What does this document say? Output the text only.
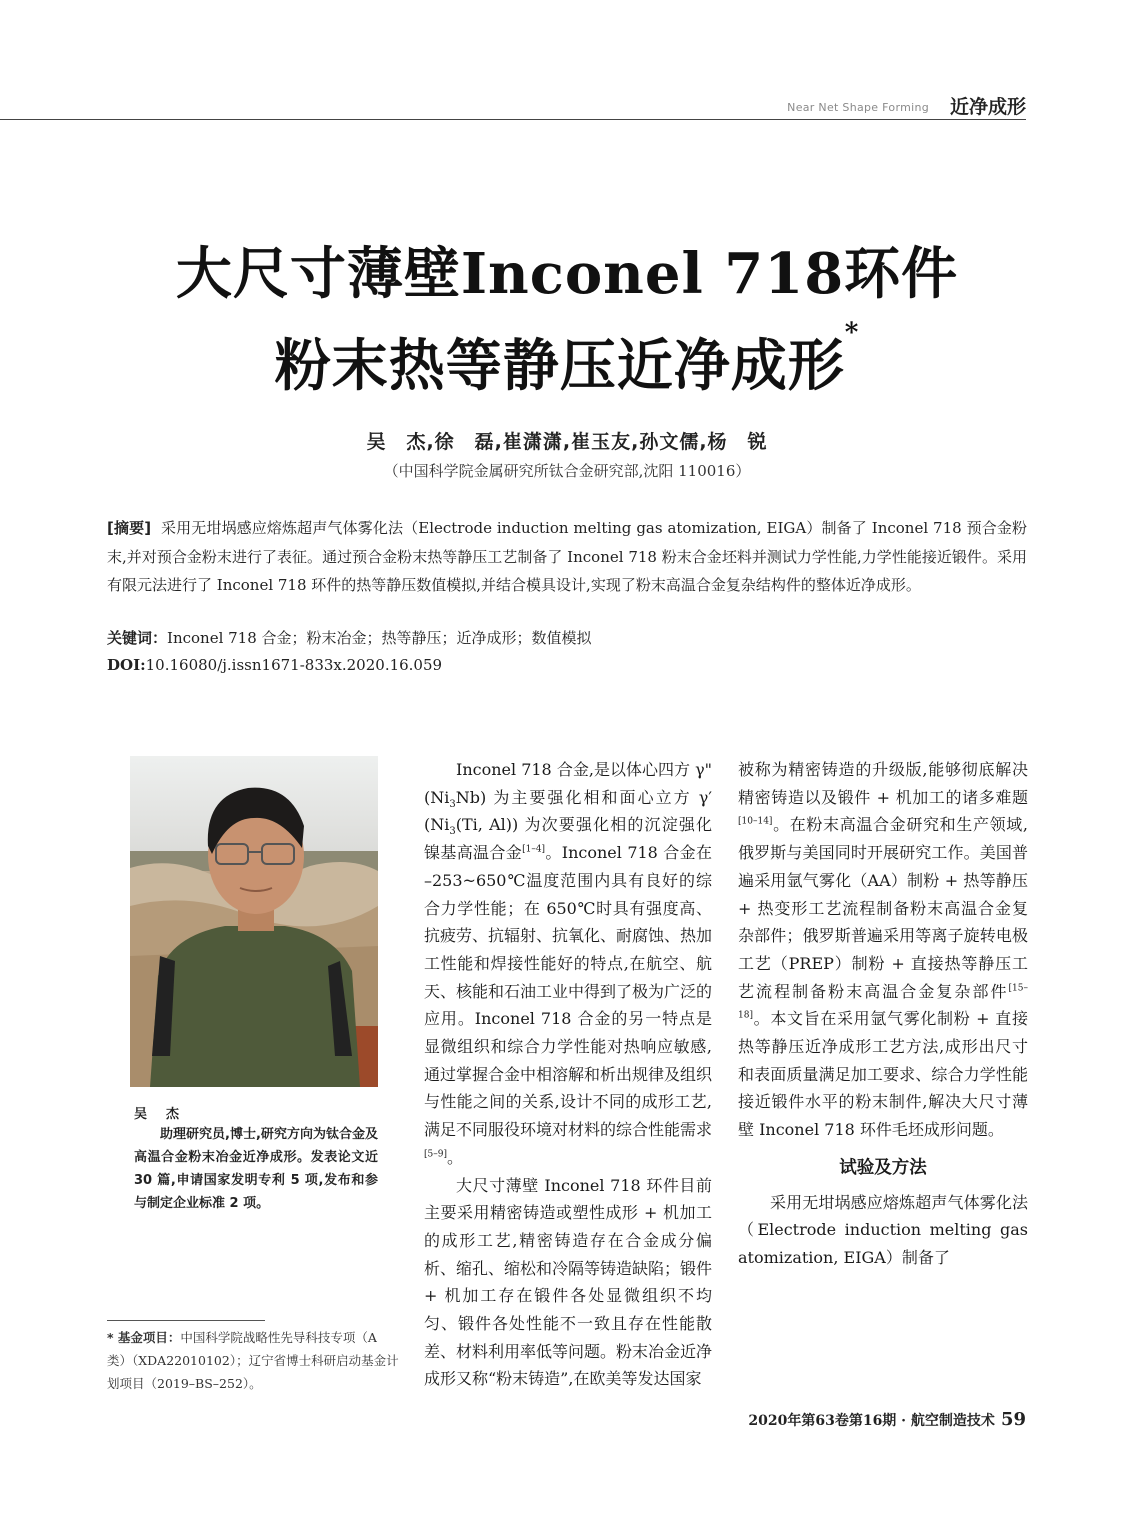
Near Net Shape Forming 近净成形
大尺寸薄壁Inconel 718环件
粉末热等静压近净成形*
吴　杰,徐　磊,崔潇潇,崔玉友,孙文儒,杨　锐
（中国科学院金属研究所钛合金研究部,沈阳 110016）
[摘要] 采用无坩埚感应熔炼超声气体雾化法（Electrode induction melting gas atomization, EIGA）制备了 Inconel 718 预合金粉末,并对预合金粉末进行了表征。通过预合金粉末热等静压工艺制备了 Inconel 718 粉末合金坯料并测试力学性能,力学性能接近锻件。采用有限元法进行了 Inconel 718 环件的热等静压数值模拟,并结合模具设计,实现了粉末高温合金复杂结构件的整体近净成形。
关键词：Inconel 718 合金；粉末冶金；热等静压；近净成形；数值模拟
DOI:10.16080/j.issn1671-833x.2020.16.059
吴　杰
助理研究员,博士,研究方向为钛合金及高温合金粉末冶金近净成形。发表论文近 30 篇,申请国家发明专利 5 项,发布和参与制定企业标准 2 项。
* 基金项目：中国科学院战略性先导科技专项（A 类）（XDA22010102）；辽宁省博士科研启动基金计划项目（2019–BS–252）。

Inconel 718 合金,是以体心四方 $\gamma"(Ni_3Nb)$ 为主要强化相和面心立方 $\gamma'(Ni_3(Ti$, Al)) 为次要强化相的沉淀强化镍基高温合金[1–4]。Inconel 718 合金在 –253~650℃温度范围内具有良好的综合力学性能；在 650℃时具有强度高、抗疲劳、抗辐射、抗氧化、耐腐蚀、热加工性能和焊接性能好的特点,在航空、航天、核能和石油工业中得到了极为广泛的应用。Inconel 718 合金的另一特点是显微组织和综合力学性能对热响应敏感,通过掌握合金中相溶解和析出规律及组织与性能之间的关系,设计不同的成形工艺,满足不同服役环境对材料的综合性能需求[5–9]。

大尺寸薄壁 Inconel 718 环件目前主要采用精密铸造或塑性成形 + 机加工的成形工艺,精密铸造存在合金成分偏析、缩孔、缩松和冷隔等铸造缺陷；锻件 + 机加工存在锻件各处显微组织不均匀、锻件各处性能不一致且存在性能散差、材料利用率低等问题。粉末冶金近净成形又称“粉末铸造”,在欧美等发达国家

2020年第63卷第16期 · 航空制造技术 59

被称为精密铸造的升级版,能够彻底解决精密铸造以及锻件 + 机加工的诸多难题[10–14]。在粉末高温合金研究和生产领域,俄罗斯与美国同时开展研究工作。美国普遍采用氩气雾化（AA）制粉 + 热等静压 + 热变形工艺流程制备粉末高温合金复杂部件；俄罗斯普遍采用等离子旋转电极工艺（PREP）制粉 + 直接热等静压工艺流程制备粉末高温合金复杂部件[15–18]。本文旨在采用氩气雾化制粉 + 直接热等静压近净成形工艺方法,成形出尺寸和表面质量满足加工要求、综合力学性能接近锻件水平的粉末制件,解决大尺寸薄壁 Inconel 718 环件毛坯成形问题。

试验及方法

采用无坩埚感应熔炼超声气体雾化法（Electrode induction melting gas atomization, EIGA）制备了
